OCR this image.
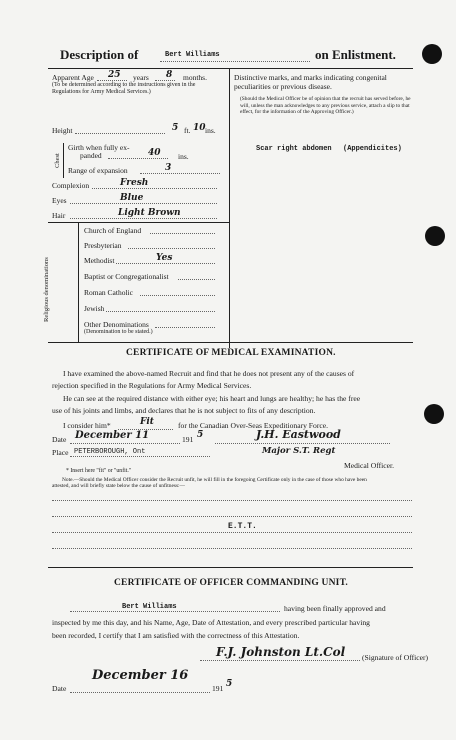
Description of	Bert Williams	on Enlistment.
Apparent Age 25 years 8 months.
(To be determined according to the instructions given in the Regulations for Army Medical Services.)
Distinctive marks, and marks indicating congenital peculiarities or previous disease.
(Should the Medical Officer be of opinion that the recruit has served before, he will, unless the man acknowledges to any previous service, attach a slip to that effect, for the information of the Approving Officer.)
Scar right abdomen (Appendicites)
Height	5 ft. 10 ins.
Chest
Girth when fully ex-
panded	40 ins.
Range of expansion	3
Complexion	Fresh
Eyes	Blue
Hair	Light Brown
Religious denominations
Church of England
Presbyterian
Methodist	Yes
Baptist or Congregationalist
Roman Catholic
Jewish
Other Denominations
(Denomination to be stated.)
CERTIFICATE OF MEDICAL EXAMINATION.
I have examined the above-named Recruit and find that he does not present any of the causes of
rejection specified in the Regulations for Army Medical Services.
He can see at the required distance with either eye; his heart and lungs are healthy; he has the free
use of his joints and limbs, and declares that he is not subject to fits of any description.
I consider him*	Fit	for the Canadian Over-Seas Expeditionary Force.
Date December 11	191 5	J.H. Eastwood
Place PETERBOROUGH, Ont	Major S.T. Regt
Medical Officer.
* Insert here "fit" or "unfit."
Note.—Should the Medical Officer consider the Recruit unfit, he will fill in the foregoing Certificate only in the case of those who have been
attested, and will briefly state below the cause of unfitness:—
E.T.T.
CERTIFICATE OF OFFICER COMMANDING UNIT.
Bert Williams	having been finally approved and
inspected by me this day, and his Name, Age, Date of Attestation, and every prescribed particular having
been recorded, I certify that I am satisfied with the correctness of this Attestation.
F.J. Johnston Lt.Col (Signature of Officer)
Date
December 16
191 5
